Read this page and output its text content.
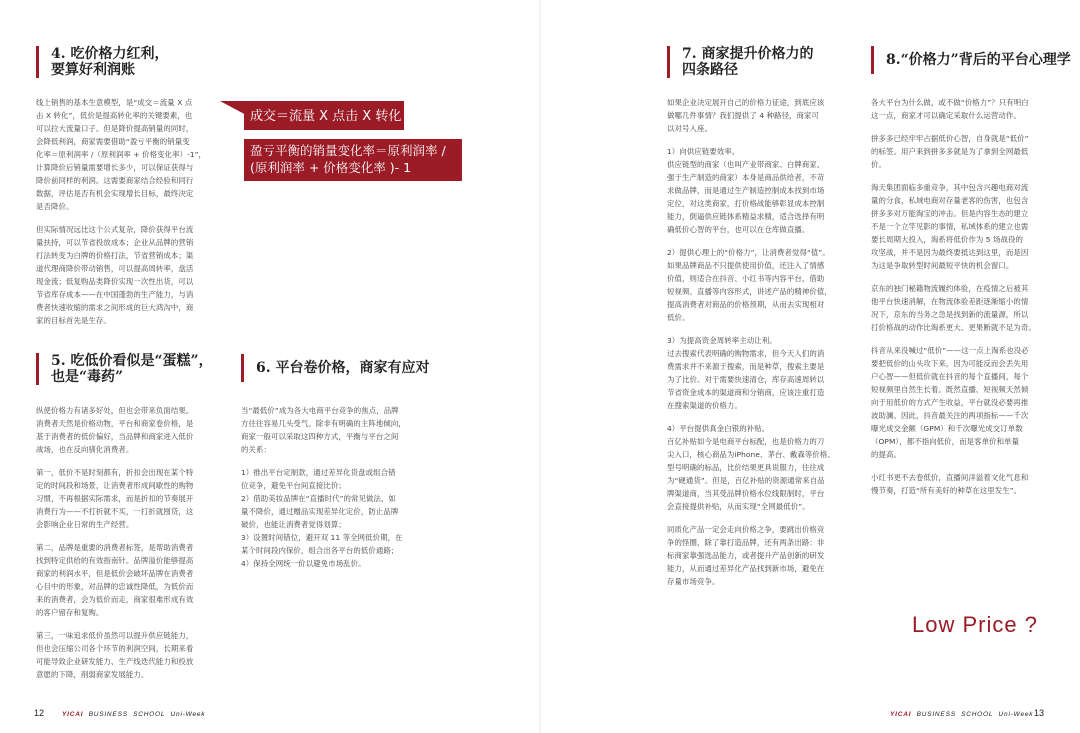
4. 吃价格力红利，
要算好利润账

线上销售的基本生意模型，是“成交＝流量 X 点
击 X 转化”，低价是提高转化率的关键要素，也
可以拉大流量口子。但是降价提高销量的同时，
会降低利润，商家需要借助“盈亏平衡的销量变
化率＝原利润率 /（原利润率 + 价格变化率）-1”，
计算降价后销量需要增长多少，可以保证获得与
降价前同样的利润。这需要商家结合经验和同行
数据，评估是否有机会实现增长目标，最终决定
是否降价。

但实际情况远比这个公式复杂，降价获得平台流
量扶持，可以节省投放成本；企业从品牌的营销
打法转变为白牌的价格打法，节省营销成本；渠
道代理商降价带动销售，可以提高周转率，盘活
现金流；低复购品类降价实现一次性出货，可以
节省库存成本——在中国蓬勃的生产能力，与消
费者快速收缩的需求之间形成的巨大鸿沟中，商
家的目标首先是生存。

成交＝流量 X 点击 X 转化
盈亏平衡的销量变化率＝原利润率 /
(原利润率 + 价格变化率 )- 1
5. 吃低价看似是“蛋糕”，
也是“毒药”

纵使价格力有诸多好处，但也会带来负面结果。
消费者天然是价格动物，平台和商家卷价格，是
基于消费者的低价偏好，当品牌和商家进入低价
战场，也在反向驯化消费者。

第一，低价不是时刻都有，折扣会出现在某个特
定的时间段和场景，让消费者形成间歇性的购物
习惯，不再根据实际需求，而是折扣的节奏展开
消费行为——不打折就不买，一打折就囤货，这
会影响企业日常的生产经营。

第二，品牌是重要的消费者标签，是帮助消费者
找到特定供给的有效指南针。品牌溢价能够提高
商家的利润水平，但是低价会破坏品牌在消费者
心目中的形象，对品牌的忠诚性降低，为低价而
来的消费者，会为低价而走，商家很难形成有效
的客户留存和复购。

第三，一味追求低价虽然可以提升供应链能力，
但也会压缩公司各个环节的利润空间，长期来看
可能导致企业研发能力、生产线迭代能力和投放
意愿的下降，削弱商家发展能力。

6. 平台卷价格，商家有应对

当“最低价”成为各大电商平台竞争的焦点，品牌
方往往容易几头受气。除非有明确的主阵地倾向，
商家一般可以采取这四种方式，平衡与平台之间
的关系：

1）推出平台定制款，通过差异化货盘或组合错
位竞争，避免平台间直接比价；
2）借助美妆品牌在“直播时代”的常见做法，如
量不降价，通过赠品实现差异化定价，防止品牌
破价，也能让消费者觉得划算；
3）设置时间错位，避开双 11 等全网低价期，在
某个时间段内保价，组合出各平台的低价通路；
4）保持全网统一价以避免市场乱价。

12	YICAI BUSINESS SCHOOL Uni-Week
7. 商家提升价格力的
四条路径

如果企业决定展开自己的价格力征途，到底应该
做哪几件事情？我们提供了 4 种路径，商家可
以对号入座。

1）向供应链要效率。
供应链型的商家（也叫产业带商家、白牌商家、
强于生产制造的商家）本身是商品供给者，不苛
求做品牌，而是通过生产制造控制成本找到市场
定位，对这类商家，打价格战能够彰显成本控制
能力，倒逼供应链体系精益求精，适合选择有明
确低价心智的平台，也可以在仓库做直播。

2）提供心理上的“价格力”，让消费者觉得“值”。
如果品牌商品不只提供使用价值，还注入了情感
价值，则适合在抖音、小红书等内容平台，借助
短视频、直播等内容形式，讲述产品的精神价值，
提高消费者对商品的价格预期，从而去实现相对
低价。

3）为提高资金周转率主动让利。
过去搜索代表明确的购物需求，但今天人们的消
费需求并不来源于搜索，而是种草，搜索主要是
为了比价。对于需要快速清仓，库存高速周转以
节省资金成本的渠道商和分销商，应该注重打造
在搜索渠道的价格力。

4）平台提供真金白银的补贴。
百亿补贴如今是电商平台标配，也是价格力的刀
尖入口，核心商品为iPhone、茅台、戴森等价格、
型号明确的标品，比价结果更具说服力，往往成
为“硬通货”。但是，百亿补贴的资源通常来自品
牌渠道商，当其受品牌价格水位线限制时，平台
会直接提供补贴，从而实现“全网最低价”。

同质化产品一定会走向价格之争，要跳出价格竞
争的怪圈，除了靠打造品牌，还有两条出路：非
标商家靠强选品能力，或者提升产品创新的研发
能力，从而通过差异化产品找到新市场，避免在
存量市场竞争。

8.“价格力”背后的平台心理学

各大平台为什么做，或不做“价格力”？只有明白
这一点，商家才可以确定采取什么运营动作。

拼多多已经牢牢占据低价心智，自身就是“低价”
的标签。用户来到拼多多就是为了拿到全网最低
价。

淘天集团面临多重竞争，其中包含兴趣电商对流
量的分食，私域电商对存量老客的伤害，也包含
拼多多对万能淘宝的冲击。但是内容生态的建立
不是一个立竿见影的事情，私域体系的建立也需
要长周期大投入，淘系将低价作为 5 场战役的
攻坚战，并不是因为最终要抵达到这里，而是因
为这是争取转型时间最短平快的机会窗口。

京东的独门秘籍物流履约体验，在疫情之后被其
他平台快速消解，在物流体验差距逐渐缩小的情
况下，京东的当务之急是找到新的流量源，所以
打价格战的动作比淘系更大、更果断就不足为奇。

抖音从来没喊过“低价”——这一点上淘系也没必
要把低价的山头攻下来，因为可能反而会丢失用
户心智——但低价就在抖音的每个直播间，每个
短视频里自然生长着。既然直播、短视频天然倾
向于用低价的方式产生收益，平台就没必要再推
波助澜。因此，抖音最关注的两项指标——千次
曝光成交金额（GPM）和千次曝光成交订单数
（OPM），都不指向低价，而是客单价和单量
的提高。

小红书更不去卷低价，直播间洋溢着文化气息和
慢节奏，打造“所有美好的种草在这里发生”。

Low Price ?
YICAI BUSINESS SCHOOL Uni-Week 13
